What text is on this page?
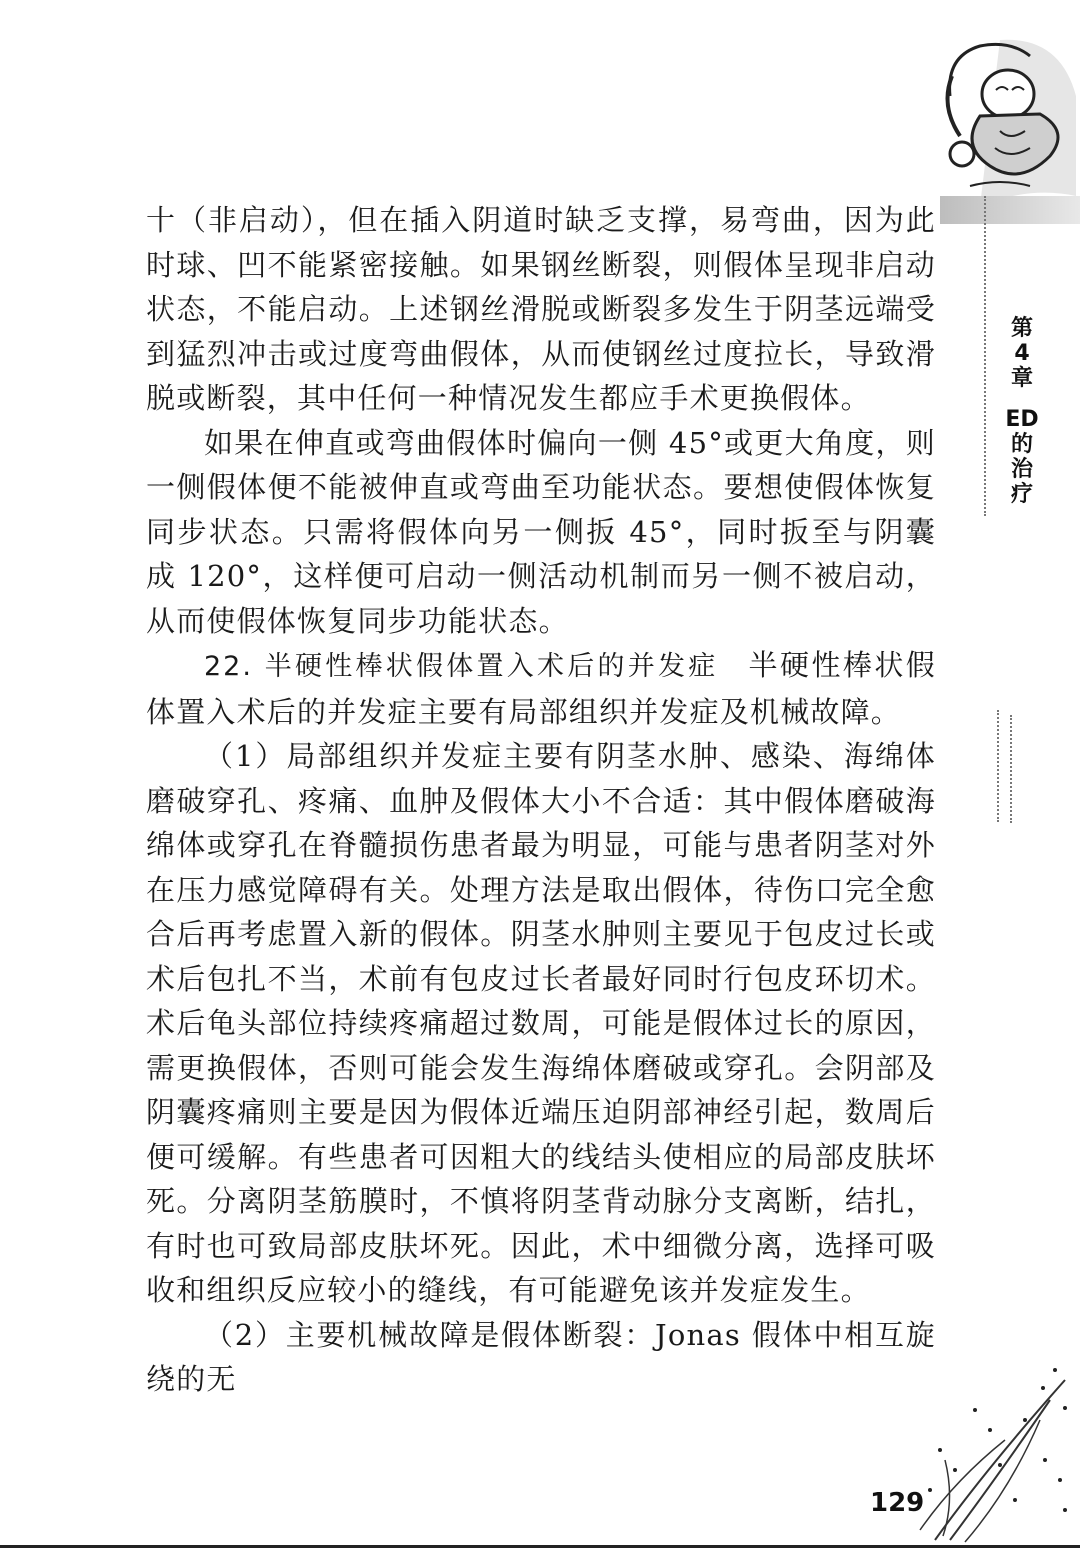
十（非启动），但在插入阴道时缺乏支撑，易弯曲，因为此时球、凹不能紧密接触。如果钢丝断裂，则假体呈现非启动状态，不能启动。上述钢丝滑脱或断裂多发生于阴茎远端受到猛烈冲击或过度弯曲假体，从而使钢丝过度拉长，导致滑脱或断裂，其中任何一种情况发生都应手术更换假体。

如果在伸直或弯曲假体时偏向一侧 45°或更大角度，则一侧假体便不能被伸直或弯曲至功能状态。要想使假体恢复同步状态。只需将假体向另一侧扳 45°，同时扳至与阴囊成 120°，这样便可启动一侧活动机制而另一侧不被启动，从而使假体恢复同步功能状态。

22. 半硬性棒状假体置入术后的并发症 半硬性棒状假体置入术后的并发症主要有局部组织并发症及机械故障。

（1）局部组织并发症主要有阴茎水肿、感染、海绵体磨破穿孔、疼痛、血肿及假体大小不合适：其中假体磨破海绵体或穿孔在脊髓损伤患者最为明显，可能与患者阴茎对外在压力感觉障碍有关。处理方法是取出假体，待伤口完全愈合后再考虑置入新的假体。阴茎水肿则主要见于包皮过长或术后包扎不当，术前有包皮过长者最好同时行包皮环切术。术后龟头部位持续疼痛超过数周，可能是假体过长的原因，需更换假体，否则可能会发生海绵体磨破或穿孔。会阴部及阴囊疼痛则主要是因为假体近端压迫阴部神经引起，数周后便可缓解。有些患者可因粗大的线结头使相应的局部皮肤坏死。分离阴茎筋膜时，不慎将阴茎背动脉分支离断，结扎，有时也可致局部皮肤坏死。因此，术中细微分离，选择可吸收和组织反应较小的缝线，有可能避免该并发症发生。

（2）主要机械故障是假体断裂：Jonas 假体中相互旋绕的无

第
4
章
ED
的
治
疗
129
